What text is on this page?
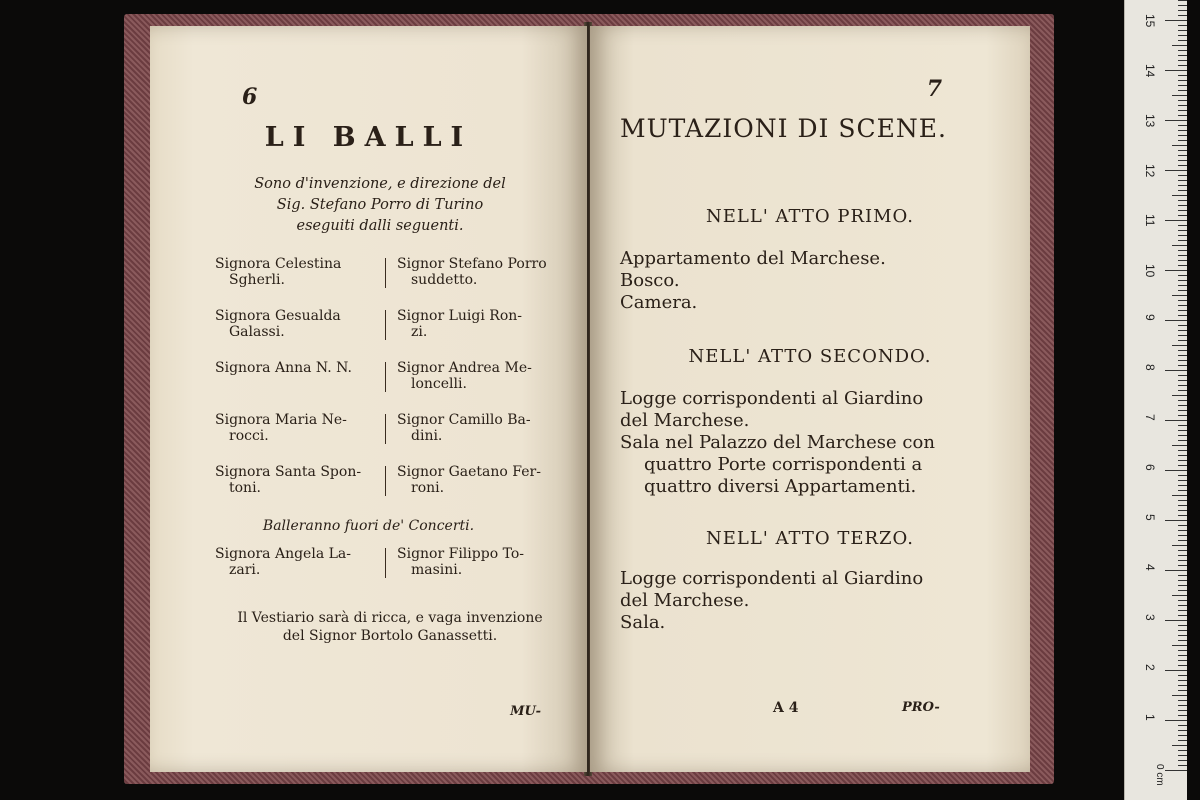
6
LI BALLI
Sono d'invenzione, e direzione del
Sig. Stefano Porro di Turino
eseguiti dalli seguenti.
Signora Celestina
Sgherli.
Signor Stefano Porro
suddetto.
Signora Gesualda
Galassi.
Signor Luigi Ron-
zi.
Signora Anna N. N.	Signor Andrea Me-
loncelli.
Signora Maria Ne-
rocci.
Signor Camillo Ba-
dini.
Signora Santa Spon-
toni.
Signor Gaetano Fer-
roni.
Balleranno fuori de' Concerti.
Signora Angela La-
zari.
Signor Filippo To-
masini.
Il Vestiario sarà di ricca, e vaga invenzione
del Signor Bortolo Ganassetti.
MU-
7
MUTAZIONI DI SCENE.
NELL' ATTO PRIMO.
Appartamento del Marchese.
Bosco.
Camera.
NELL' ATTO SECONDO.
Logge corrispondenti al Giardino
del Marchese.
Sala nel Palazzo del Marchese con
quattro Porte corrispondenti a
quattro diversi Appartamenti.
NELL' ATTO TERZO.
Logge corrispondenti al Giardino
del Marchese.
Sala.
A 4	PRO-
0 cm
1
2
3
4
5
6
7
8
9
10
11
12
13
14
15
